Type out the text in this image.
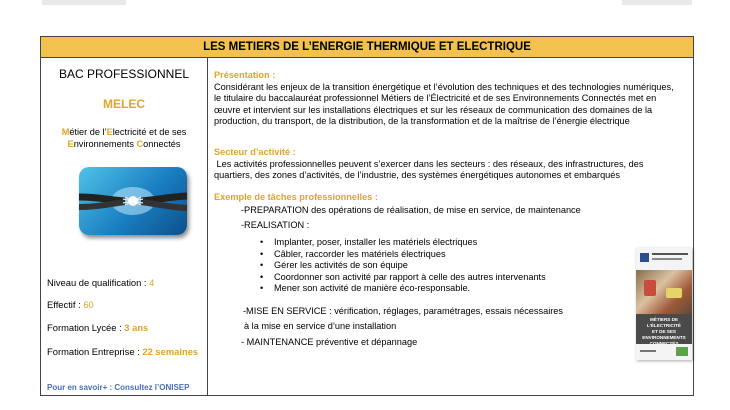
LES METIERS DE L’ENERGIE THERMIQUE ET ELECTRIQUE
BAC PROFESSIONNEL
MELEC
Métier de l’Electricité et de ses
Environnements Connectés
Niveau de qualification : 4
Effectif : 60
Formation Lycée : 3 ans
Formation Entreprise : 22 semaines
Pour en savoir+ : Consultez l’ONISEP
Présentation :
Considérant les enjeux de la transition énergétique et l’évolution des techniques et des technologies numériques,
le titulaire du baccalauréat professionnel Métiers de l’Électricité et de ses Environnements Connectés met en
œuvre et intervient sur les installations électriques et sur les réseaux de communication des domaines de la
production, du transport, de la distribution, de la transformation et de la maîtrise de l’énergie électrique
Secteur d’activité :
Les activités professionnelles peuvent s’exercer dans les secteurs : des réseaux, des infrastructures, des
quartiers, des zones d’activités, de l’industrie, des systèmes énergétiques autonomes et embarqués
Exemple de tâches professionnelles :
-PREPARATION des opérations de réalisation, de mise en service, de maintenance
-REALISATION :
• Implanter, poser, installer les matériels électriques
• Câbler, raccorder les matériels électriques
• Gérer les activités de son équipe
• Coordonner son activité par rapport à celle des autres intervenants
• Mener son activité de manière éco-responsable.
-MISE EN SERVICE : vérification, réglages, paramétrages, essais nécessaires
à la mise en service d’une installation
- MAINTENANCE préventive et dépannage
MÉTIERS DE L’ÉLECTRICITÉ
ET DE SES ENVIRONNEMENTS
